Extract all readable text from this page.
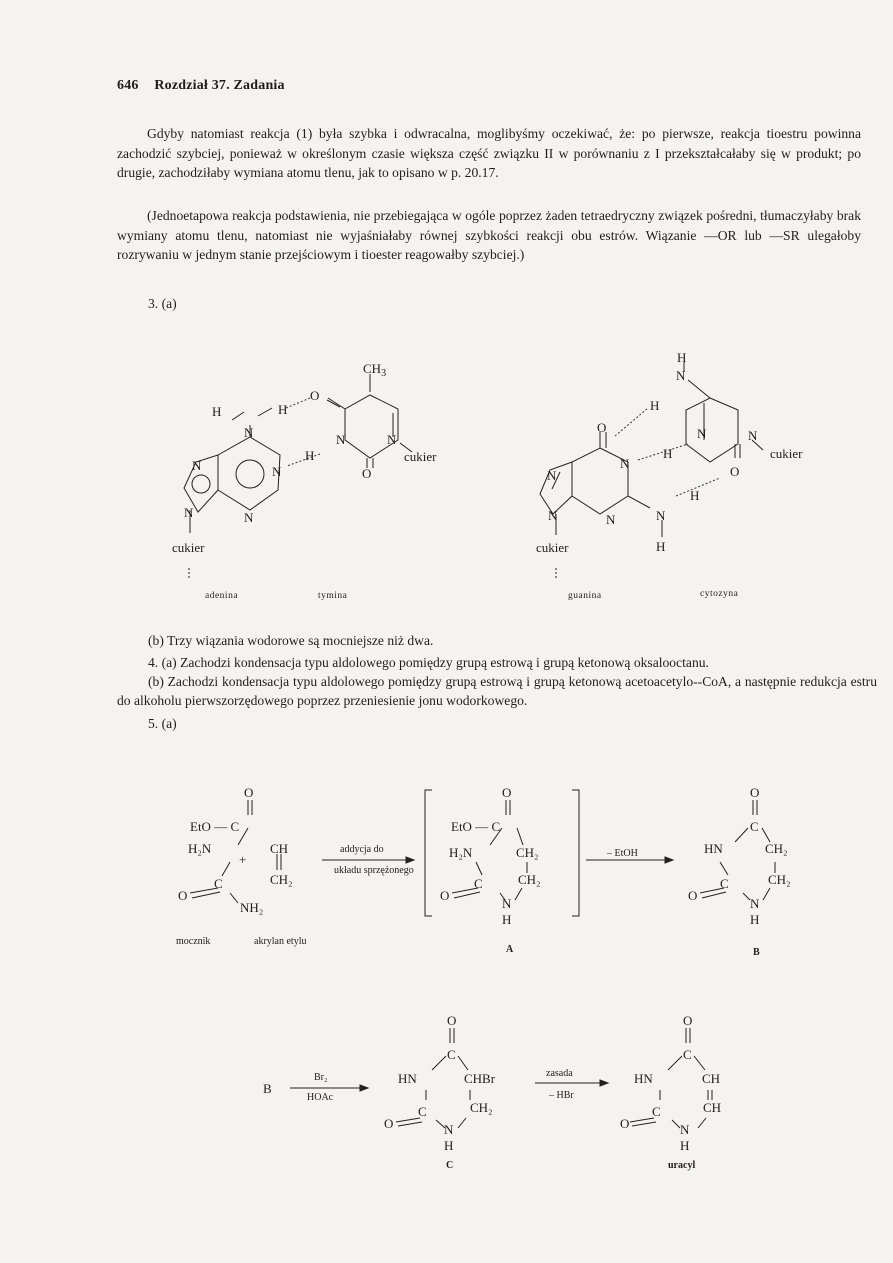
646 Rozdział 37. Zadania

Gdyby natomiast reakcja (1) była szybka i odwracalna, moglibyśmy oczekiwać, że: po pierwsze, reakcja tioestru powinna zachodzić szybciej, ponieważ w określonym czasie większa część związku II w porównaniu z I przekształcałaby się w produkt; po drugie, zachodziłaby wymiana atomu tlenu, jak to opisano w p. 20.17.

(Jednoetapowa reakcja podstawienia, nie przebiegająca w ogóle poprzez żaden tetraedryczny związek pośredni, tłumaczyłaby brak wymiany atomu tlenu, natomiast nie wyjaśniałaby równej szybkości reakcji obu estrów. Wiązanie —OR lub —SR ulegałoby rozrywaniu w jednym stanie przejściowym i tioester reagowałby szybciej.)

3. (a)
H	H
N
O
$CH_3$
N	N
H	cukier
O
N	N
N	N
cukier
H
N
H
N	N
cukier
O
H
N
O
N
H
N	N	N
H
cukier
adenina	tymina	guanina	cytozyna

(b) Trzy wiązania wodorowe są mocniejsze niż dwa.

4. (a) Zachodzi kondensacja typu aldolowego pomiędzy grupą estrową i grupą ketonową oksalooctanu.

(b) Zachodzi kondensacja typu aldolowego pomiędzy grupą estrową i grupą ketonową acetoacetylo--CoA, a następnie redukcja estru do alkoholu pierwszorzędowego poprzez przeniesienie jonu wodorkowego.

5. (a)
O
EtO — C
H₂N	CH
+
CH₂
C
O
NH₂
O
EtO — C
H₂N	CH₂
C	CH₂
O
N
H
O
C
HN	CH₂
C	CH₂
O
N
H
addycja do
układu sprzężonego
– EtOH
mocznik	akrylan etylu
A	B
B
O
C
HN	CHBr
C	CH₂
O	N
H
O
C
HN	CH
C	CH
O	N
H
Br₂
HOAc
zasada
– HBr
C	uracyl
